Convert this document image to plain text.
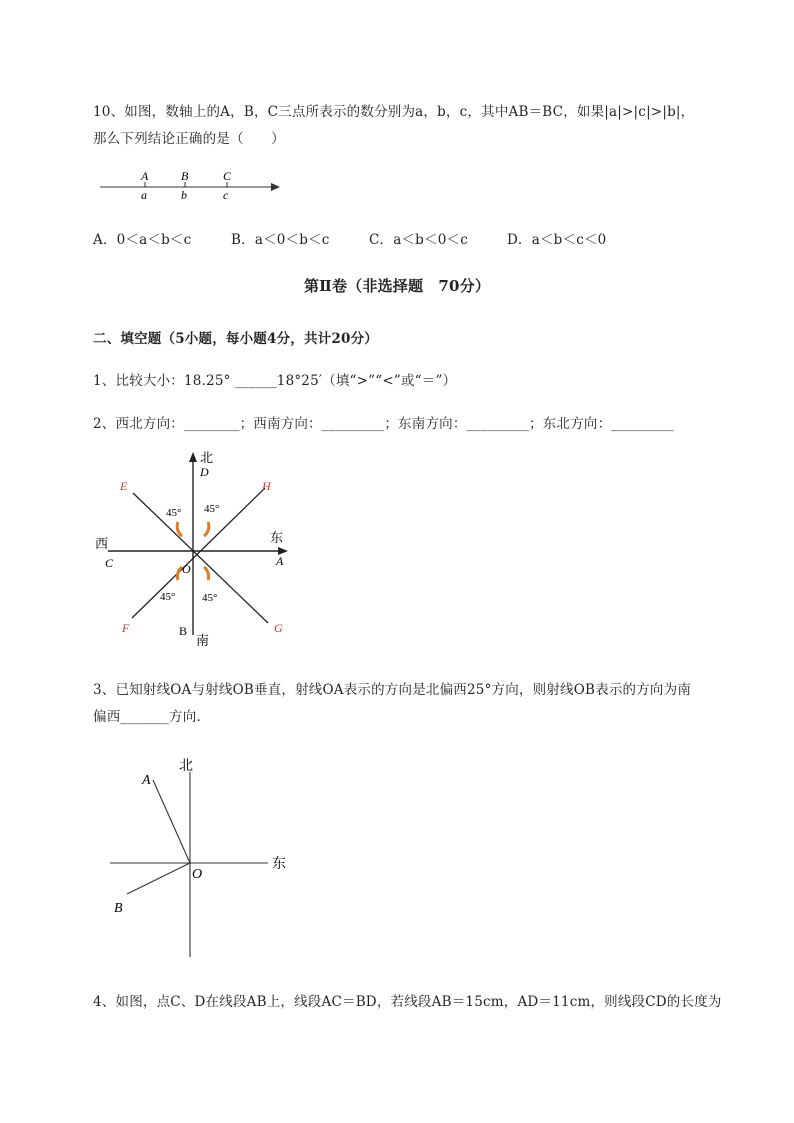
10、如图，数轴上的A，B，C三点所表示的数分别为a，b，c，其中AB＝BC，如果|a|>|c|>|b|，
那么下列结论正确的是（　　）
A	B	C
a	b	c
A．0＜a＜b＜c	B．a＜0＜b＜c	C．a＜b＜0＜c	D．a＜b＜c＜0
第Ⅱ卷（非选择题　70分）
二、填空题（5小题，每小题4分，共计20分）
1、比较大小：18.25° ______18°25′（填“>”“<”或“＝”）
2、西北方向：________；西南方向：_________；东南方向：_________；东北方向：_________
北
D
E	H
45° 45°
东
西
C	A
O
45° 45°
F	G
B
南
3、已知射线OA与射线OB垂直，射线OA表示的方向是北偏西25°方向，则射线OB表示的方向为南
偏西_______方向．
北
A
东
O
B
4、如图，点C、D在线段AB上，线段AC＝BD，若线段AB＝15cm，AD＝11cm，则线段CD的长度为
